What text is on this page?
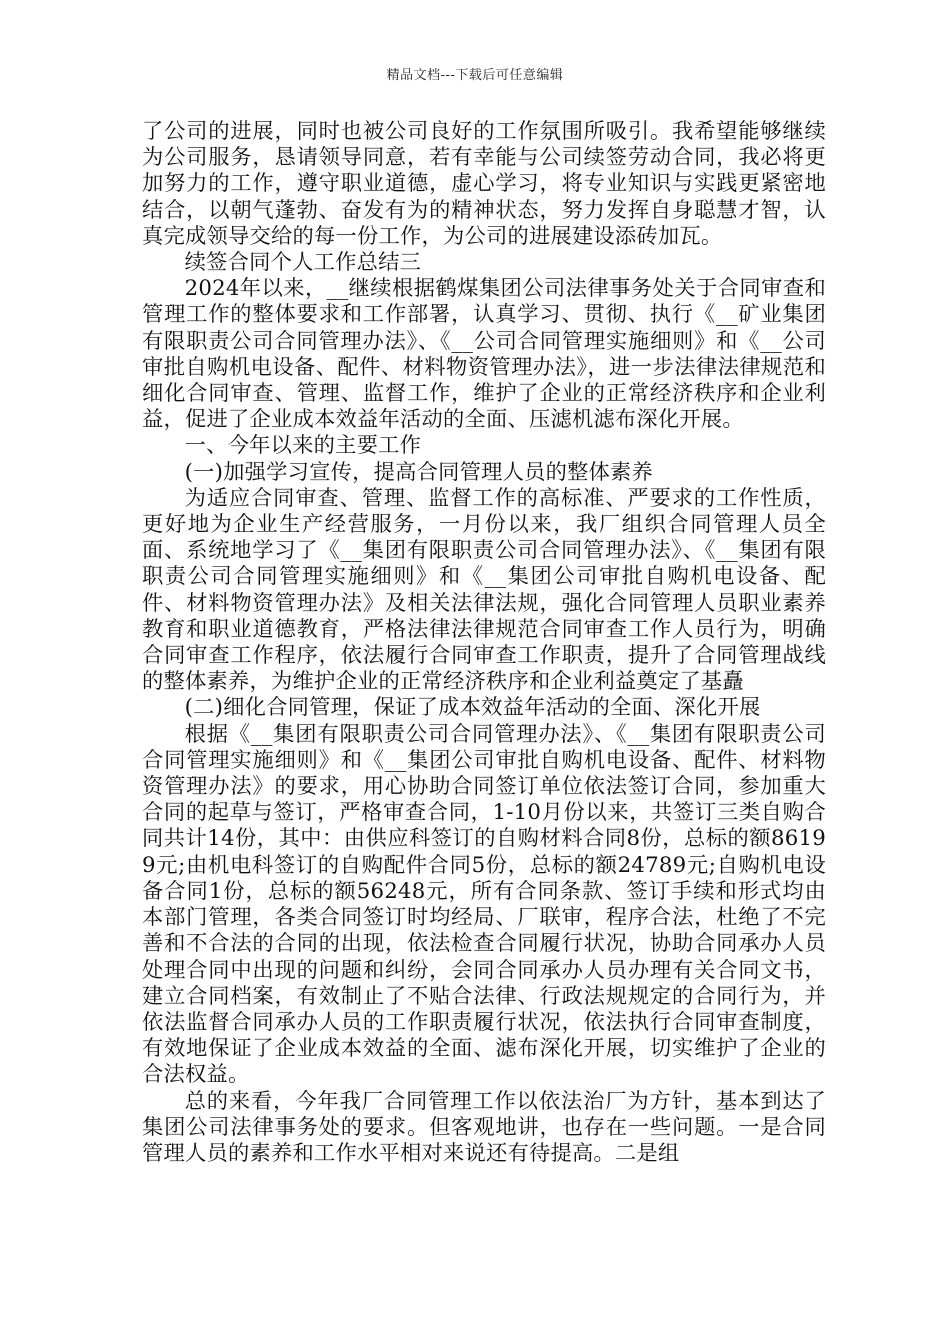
精品文档---下载后可任意编辑

了公司的进展，同时也被公司良好的工作氛围所吸引。我希望能够继续为公司服务，恳请领导同意，若有幸能与公司续签劳动合同，我必将更加努力的工作，遵守职业道德，虚心学习，将专业知识与实践更紧密地结合，以朝气蓬勃、奋发有为的精神状态，努力发挥自身聪慧才智，认真完成领导交给的每一份工作，为公司的进展建设添砖加瓦。

续签合同个人工作总结三

2024年以来，__继续根据鹤煤集团公司法律事务处关于合同审查和管理工作的整体要求和工作部署，认真学习、贯彻、执行《__矿业集团有限职责公司合同管理办法》、《__公司合同管理实施细则》和《__公司审批自购机电设备、配件、材料物资管理办法》，进一步法律法律规范和细化合同审查、管理、监督工作，维护了企业的正常经济秩序和企业利益，促进了企业成本效益年活动的全面、压滤机滤布深化开展。

一、今年以来的主要工作

(一)加强学习宣传，提高合同管理人员的整体素养

为适应合同审查、管理、监督工作的高标准、严要求的工作性质，更好地为企业生产经营服务，一月份以来，我厂组织合同管理人员全面、系统地学习了《__集团有限职责公司合同管理办法》、《__集团有限职责公司合同管理实施细则》和《__集团公司审批自购机电设备、配件、材料物资管理办法》及相关法律法规，强化合同管理人员职业素养教育和职业道德教育，严格法律法律规范合同审查工作人员行为，明确合同审查工作程序，依法履行合同审查工作职责，提升了合同管理战线的整体素养，为维护企业的正常经济秩序和企业利益奠定了基矗

(二)细化合同管理，保证了成本效益年活动的全面、深化开展

根据《__集团有限职责公司合同管理办法》、《__集团有限职责公司合同管理实施细则》和《__集团公司审批自购机电设备、配件、材料物资管理办法》的要求，用心协助合同签订单位依法签订合同，参加重大合同的起草与签订，严格审查合同，1-10月份以来，共签订三类自购合同共计14份，其中：由供应科签订的自购材料合同8份，总标的额86199元;由机电科签订的自购配件合同5份，总标的额24789元;自购机电设备合同1份，总标的额56248元，所有合同条款、签订手续和形式均由本部门管理，各类合同签订时均经局、厂联审，程序合法，杜绝了不完善和不合法的合同的出现，依法检查合同履行状况，协助合同承办人员处理合同中出现的问题和纠纷，会同合同承办人员办理有关合同文书，建立合同档案，有效制止了不贴合法律、行政法规规定的合同行为，并依法监督合同承办人员的工作职责履行状况，依法执行合同审查制度，有效地保证了企业成本效益的全面、滤布深化开展，切实维护了企业的合法权益。

总的来看，今年我厂合同管理工作以依法治厂为方针，基本到达了集团公司法律事务处的要求。但客观地讲，也存在一些问题。一是合同管理人员的素养和工作水平相对来说还有待提高。二是组
